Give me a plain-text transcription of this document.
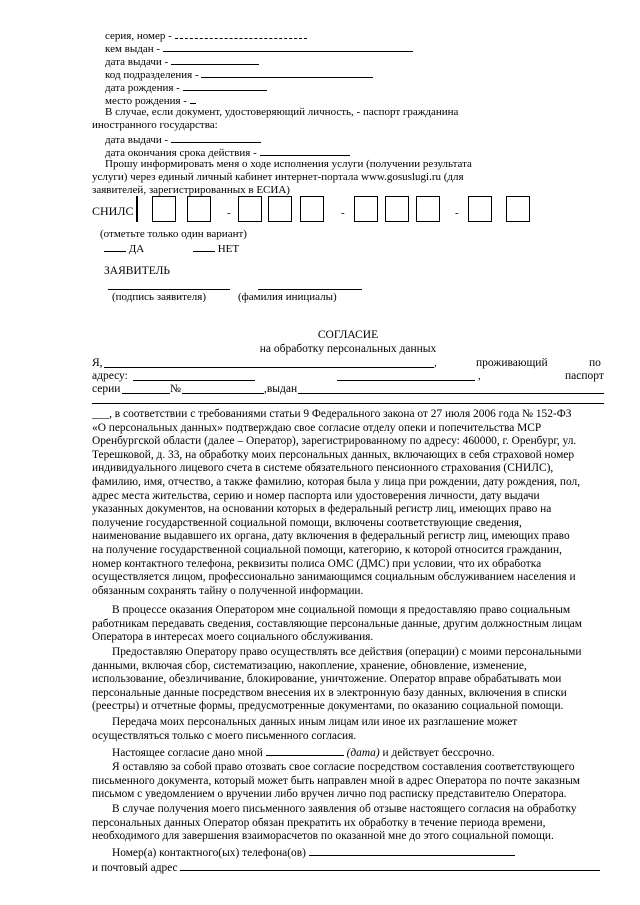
серия, номер -
кем выдан -
дата выдачи -
код подразделения -
дата рождения -
место рождения -
В случае, если документ, удостоверяющий личность, - паспорт гражданина
иностранного государства:
дата выдачи -
дата окончания срока действия -
Прошу информировать меня о ходе исполнения услуги (получении результата
услуги) через единый личный кабинет интернет-портала www.gosuslugi.ru (для
заявителей, зарегистрированных в ЕСИА)
СНИЛС	-	-	-
(отметьте только один вариант)
ДА	НЕТ
ЗАЯВИТЕЛЬ
(подпись заявителя)	(фамилия инициалы)
СОГЛАСИЕ
на обработку персональных данных
Я,	,	проживающий	по
адресу:	,	паспорт
серии	№	,выдан
___, в соответствии с требованиями статьи 9 Федерального закона от 27 июля 2006 года № 152-ФЗ
«О персональных данных» подтверждаю свое согласие отделу опеки и попечительства МСР
Оренбургской области (далее – Оператор), зарегистрированному по адресу: 460000, г. Оренбург, ул.
Терешковой, д. 33, на обработку моих персональных данных, включающих в себя страховой номер
индивидуального лицевого счета в системе обязательного пенсионного страхования (СНИЛС),
фамилию, имя, отчество, а также фамилию, которая была у лица при рождении, дату рождения, пол,
адрес места жительства, серию и номер паспорта или удостоверения личности, дату выдачи
указанных документов, на основании которых в федеральный регистр лиц, имеющих право на
получение государственной социальной помощи, включены соответствующие сведения,
наименование выдавшего их органа, дату включения в федеральный регистр лиц, имеющих право
на получение государственной социальной помощи, категорию, к которой относится гражданин,
номер контактного телефона, реквизиты полиса ОМС (ДМС) при условии, что их обработка
осуществляется лицом, профессионально занимающимся социальным обслуживанием населения и
обязанным сохранять тайну о полученной информации.
В процессе оказания Оператором мне социальной помощи я предоставляю право социальным
работникам передавать сведения, составляющие персональные данные, другим должностным лицам
Оператора в интересах моего социального обслуживания.
Предоставляю Оператору право осуществлять все действия (операции) с моими персональными
данными, включая сбор, систематизацию, накопление, хранение, обновление, изменение,
использование, обезличивание, блокирование, уничтожение. Оператор вправе обрабатывать мои
персональные данные посредством внесения их в электронную базу данных, включения в списки
(реестры) и отчетные формы, предусмотренные документами, по оказанию социальной помощи.
Передача моих персональных данных иным лицам или иное их разглашение может
осуществляться только с моего письменного согласия.
Настоящее согласие дано мной	(дата) и действует бессрочно.
Я оставляю за собой право отозвать свое согласие посредством составления соответствующего
письменного документа, который может быть направлен мной в адрес Оператора по почте заказным
письмом с уведомлением о вручении либо вручен лично под расписку представителю Оператора.
В случае получения моего письменного заявления об отзыве настоящего согласия на обработку
персональных данных Оператор обязан прекратить их обработку в течение периода времени,
необходимого для завершения взаиморасчетов по оказанной мне до этого социальной помощи.
Номер(а) контактного(ых) телефона(ов)
и почтовый адрес
